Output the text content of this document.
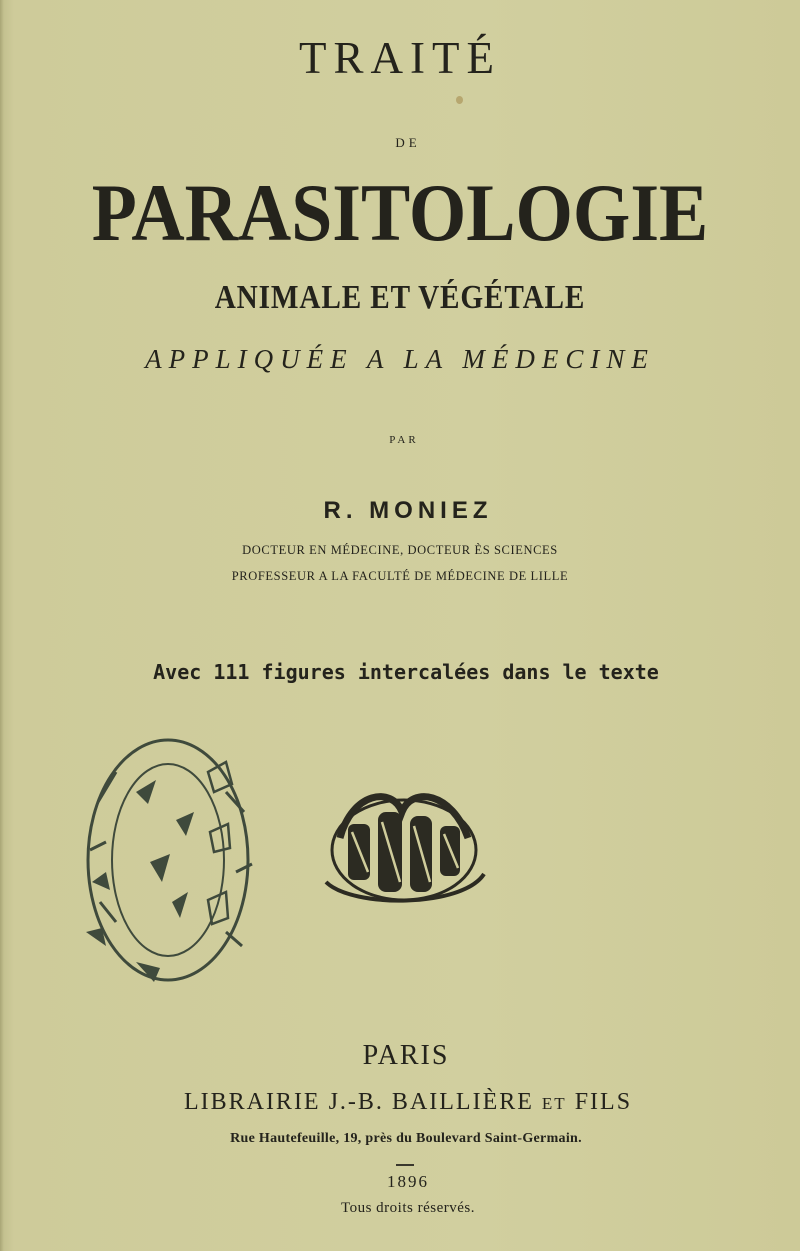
TRAITÉ
DE
PARASITOLOGIE
ANIMALE ET VÉGÉTALE
APPLIQUÉE A LA MÉDECINE
PAR
R. MONIEZ
DOCTEUR EN MÉDECINE, DOCTEUR ÈS SCIENCES
PROFESSEUR A LA FACULTÉ DE MÉDECINE DE LILLE
Avec 111 figures intercalées dans le texte
PARIS
LIBRAIRIE J.-B. BAILLIÈRE ET FILS
Rue Hautefeuille, 19, près du Boulevard Saint-Germain.
1896
Tous droits réservés.
